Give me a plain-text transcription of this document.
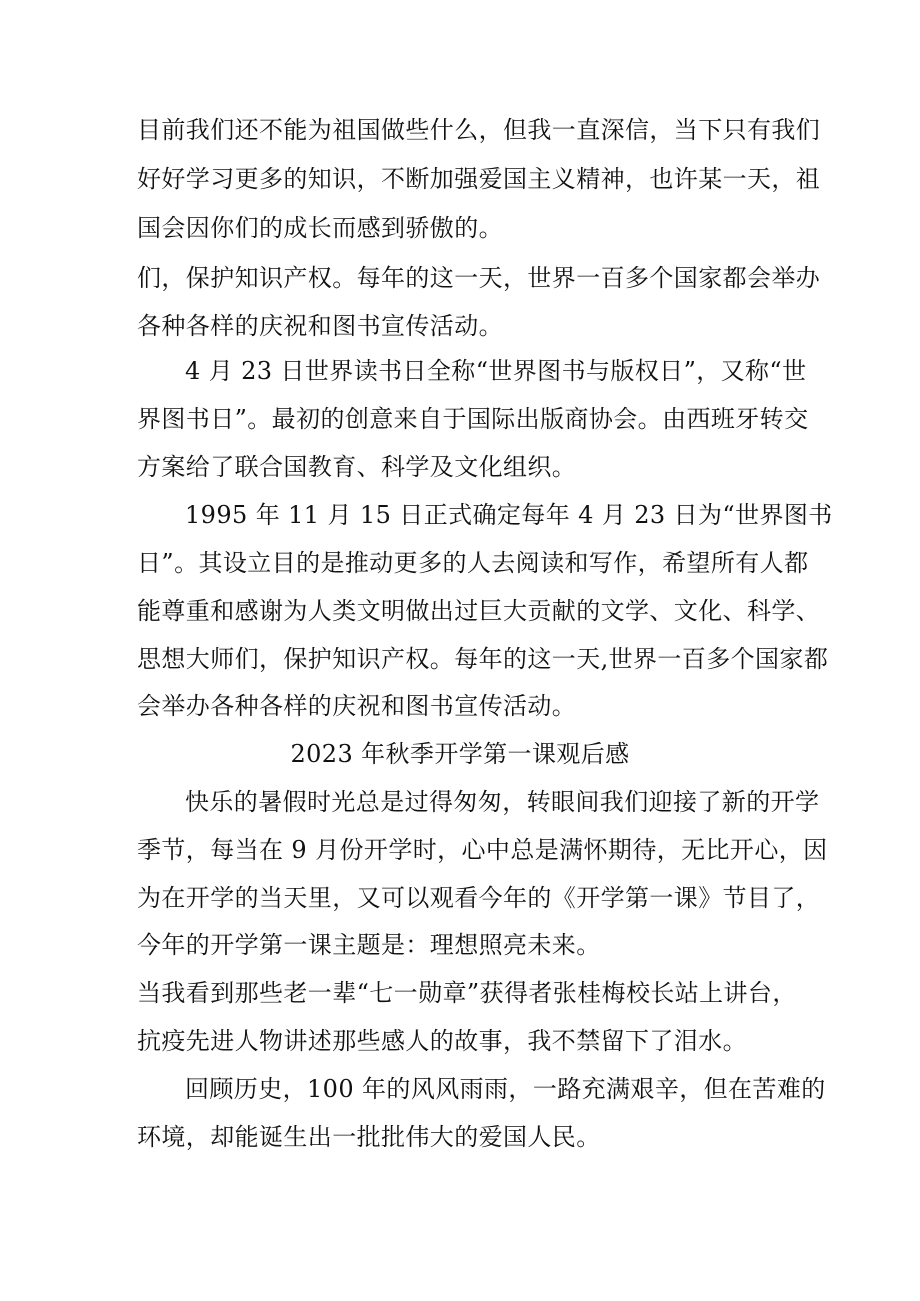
目前我们还不能为祖国做些什么，但我一直深信，当下只有我们

好好学习更多的知识，不断加强爱国主义精神，也许某一天，祖

国会因你们的成长而感到骄傲的。

们，保护知识产权。每年的这一天，世界一百多个国家都会举办

各种各样的庆祝和图书宣传活动。

4 月 23 日世界读书日全称“世界图书与版权日”，又称“世

界图书日”。最初的创意来自于国际出版商协会。由西班牙转交

方案给了联合国教育、科学及文化组织。

1995 年 11 月 15 日正式确定每年 4 月 23 日为“世界图书

日”。其设立目的是推动更多的人去阅读和写作，希望所有人都

能尊重和感谢为人类文明做出过巨大贡献的文学、文化、科学、

思想大师们，保护知识产权。每年的这一天,世界一百多个国家都

会举办各种各样的庆祝和图书宣传活动。

2023 年秋季开学第一课观后感

快乐的暑假时光总是过得匆匆，转眼间我们迎接了新的开学

季节，每当在 9 月份开学时，心中总是满怀期待，无比开心，因

为在开学的当天里，又可以观看今年的《开学第一课》节目了，

今年的开学第一课主题是：理想照亮未来。

当我看到那些老一辈“七一勋章”获得者张桂梅校长站上讲台，

抗疫先进人物讲述那些感人的故事，我不禁留下了泪水。

回顾历史，100 年的风风雨雨，一路充满艰辛，但在苦难的

环境，却能诞生出一批批伟大的爱国人民。
